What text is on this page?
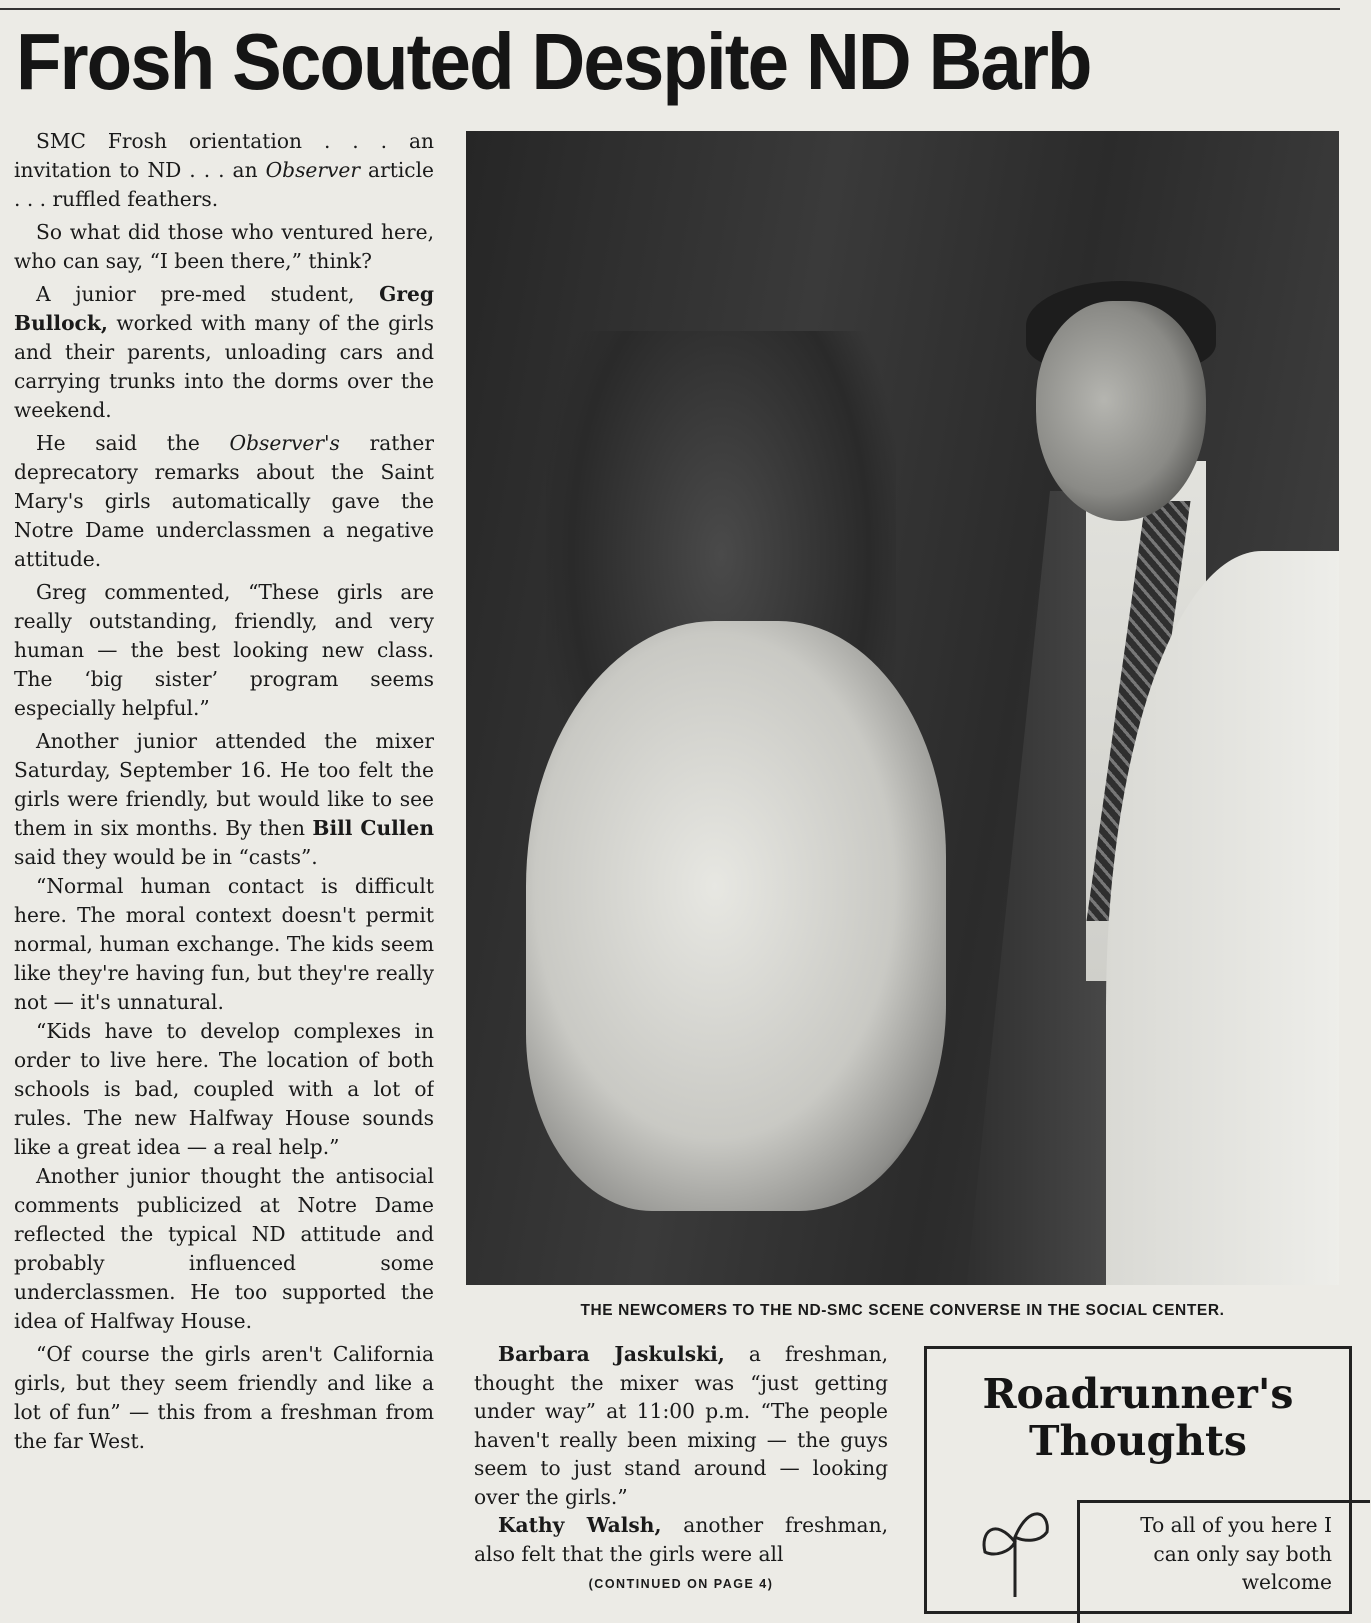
Frosh Scouted Despite ND Barb

SMC Frosh orientation . . . an invitation to ND . . . an Observer article . . . ruffled feathers.

So what did those who ventured here, who can say, “I been there,” think?

A junior pre-med student, Greg Bullock, worked with many of the girls and their parents, unloading cars and carrying trunks into the dorms over the weekend.

He said the Observer's rather deprecatory remarks about the Saint Mary's girls automatically gave the Notre Dame underclassmen a negative attitude.

Greg commented, “These girls are really outstanding, friendly, and very human — the best looking new class. The ‘big sister’ program seems especially helpful.”

Another junior attended the mixer Saturday, September 16. He too felt the girls were friendly, but would like to see them in six months. By then Bill Cullen said they would be in “casts”.

“Normal human contact is difficult here. The moral context doesn't permit normal, human exchange. The kids seem like they're having fun, but they're really not — it's unnatural.

“Kids have to develop complexes in order to live here. The location of both schools is bad, coupled with a lot of rules. The new Halfway House sounds like a great idea — a real help.”

Another junior thought the antisocial comments publicized at Notre Dame reflected the typical ND attitude and probably influenced some underclassmen. He too supported the idea of Halfway House.

“Of course the girls aren't California girls, but they seem friendly and like a lot of fun” — this from a freshman from the far West.

THE NEWCOMERS TO THE ND-SMC SCENE CONVERSE IN THE SOCIAL CENTER.

Barbara Jaskulski, a freshman, thought the mixer was “just getting under way” at 11:00 p.m. “The people haven't really been mixing — the guys seem to just stand around — looking over the girls.”

Kathy Walsh, another freshman, also felt that the girls were all

(CONTINUED ON PAGE 4)
Roadrunner's
Thoughts
To all of you here I can only say both welcome
